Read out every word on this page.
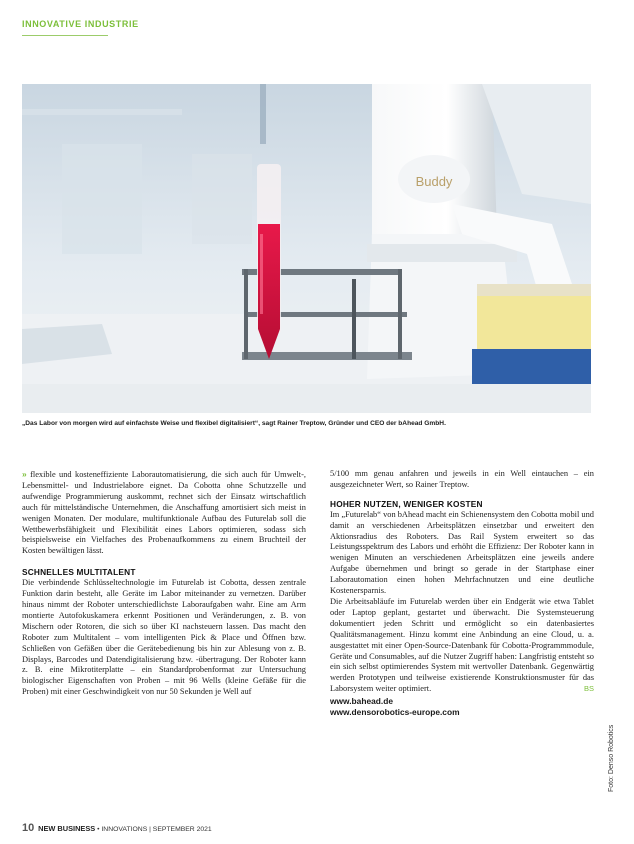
INNOVATIVE INDUSTRIE
Buddy
„Das Labor von morgen wird auf einfachste Weise und flexibel digitalisiert“, sagt Rainer Treptow, Gründer und CEO der bAhead GmbH.

» flexible und kosteneffiziente Laborautomatisierung, die sich auch für Umwelt-, Lebensmittel- und Industrielabore eignet. Da Cobotta ohne Schutzzelle und aufwendige Programmierung auskommt, rechnet sich der Einsatz wirtschaftlich auch für mittelständische Unternehmen, die Anschaffung amortisiert sich meist in wenigen Monaten. Der modulare, multifunktionale Aufbau des Futurelab soll die Wettbewerbsfähigkeit und Flexibilität eines Labors optimieren, sodass sich beispielsweise ein Vielfaches des Probenaufkommens zu einem Bruchteil der Kosten bewältigen lässt.

SCHNELLES MULTITALENT

Die verbindende Schlüsseltechnologie im Futurelab ist Cobotta, dessen zentrale Funktion darin besteht, alle Geräte im Labor miteinander zu vernetzen. Darüber hinaus nimmt der Roboter unterschiedlichste Laboraufgaben wahr. Eine am Arm montierte Autofokuskamera erkennt Positionen und Veränderungen, z. B. von Mischern oder Rotoren, die sich so über KI nachsteuern lassen. Das macht den Roboter zum Multitalent – vom intelligenten Pick & Place und Öffnen bzw. Schließen von Gefäßen über die Gerätebedienung bis hin zur Ablesung von z. B. Displays, Barcodes und Datendigitalisierung bzw. -übertragung. Der Roboter kann z. B. eine Mikrotiterplatte – ein Standardprobenformat zur Untersuchung biologischer Eigenschaften von Proben – mit 96 Wells (kleine Gefäße für die Proben) mit einer Geschwindigkeit von nur 50 Sekunden je Well auf

5/100 mm genau anfahren und jeweils in ein Well eintauchen – ein ausgezeichneter Wert, so Rainer Treptow.

HOHER NUTZEN, WENIGER KOSTEN

Im „Futurelab“ von bAhead macht ein Schienensystem den Cobotta mobil und damit an verschiedenen Arbeitsplätzen einsetzbar und erweitert den Aktionsradius des Roboters. Das Rail System erweitert so das Leistungsspektrum des Labors und erhöht die Effizienz: Der Roboter kann in wenigen Minuten an verschiedenen Arbeitsplätzen eine jeweils andere Aufgabe übernehmen und bringt so gerade in der Startphase einer Laborautomation einen hohen Mehrfachnutzen und eine deutliche Kostenersparnis.

Die Arbeitsabläufe im Futurelab werden über ein Endgerät wie etwa Tablet oder Laptop geplant, gestartet und überwacht. Die Systemsteuerung dokumentiert jeden Schritt und ermöglicht so ein datenbasiertes Qualitätsmanagement. Hinzu kommt eine Anbindung an eine Cloud, u. a. ausgestattet mit einer Open-Source-Datenbank für Cobotta-Programmmodule, Geräte und Consumables, auf die Nutzer Zugriff haben: Langfristig entsteht so ein sich selbst optimierendes System mit wertvoller Datenbank. Gegenwärtig werden Prototypen und teilweise existierende Konstruktionsmuster für das Laborsystem weiter optimiert.	BS

www.bahead.de
www.densorobotics-europe.com
Foto: Denso Robotics
10 NEW BUSINESS • INNOVATIONS | SEPTEMBER 2021
